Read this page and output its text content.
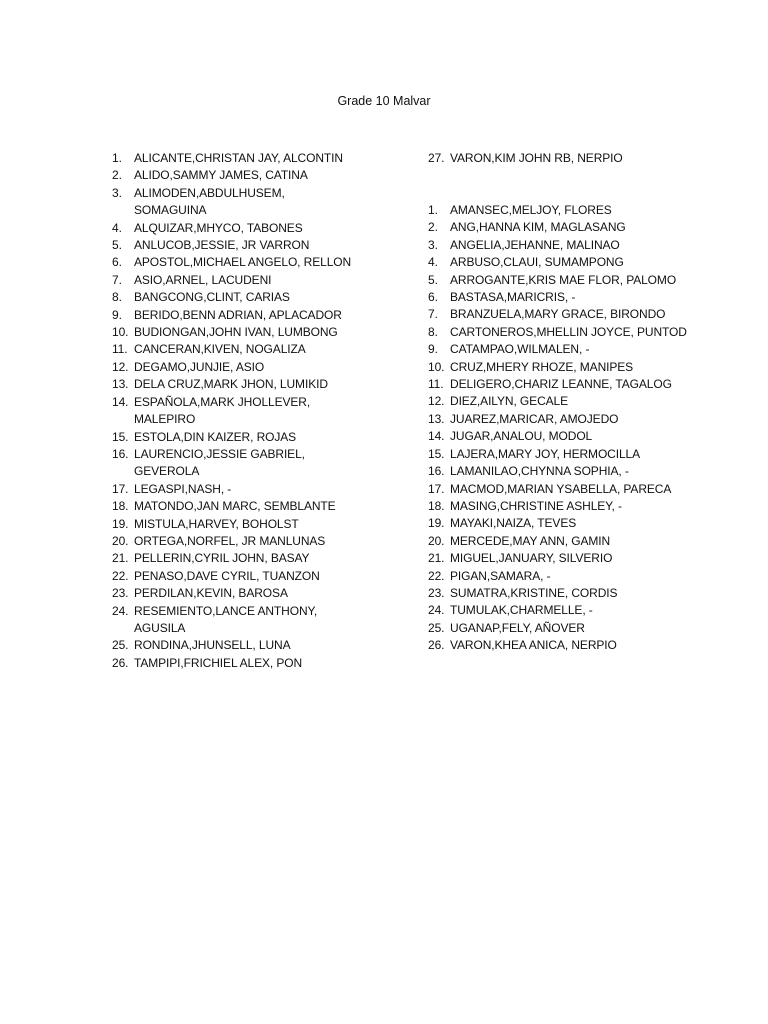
Grade 10 Malvar
1.	ALICANTE,CHRISTAN JAY, ALCONTIN
2.	ALIDO,SAMMY JAMES, CATINA
3.	ALIMODEN,ABDULHUSEM,
SOMAGUINA
4.	ALQUIZAR,MHYCO, TABONES
5.	ANLUCOB,JESSIE, JR VARRON
6.	APOSTOL,MICHAEL ANGELO, RELLON
7.	ASIO,ARNEL, LACUDENI
8.	BANGCONG,CLINT, CARIAS
9.	BERIDO,BENN ADRIAN, APLACADOR
10. BUDIONGAN,JOHN IVAN, LUMBONG
11. CANCERAN,KIVEN, NOGALIZA
12. DEGAMO,JUNJIE, ASIO
13. DELA CRUZ,MARK JHON, LUMIKID
14. ESPAÑOLA,MARK JHOLLEVER,
MALEPIRO
15. ESTOLA,DIN KAIZER, ROJAS
16. LAURENCIO,JESSIE GABRIEL, GEVEROLA
17. LEGASPI,NASH, -
18. MATONDO,JAN MARC, SEMBLANTE
19. MISTULA,HARVEY, BOHOLST
20. ORTEGA,NORFEL, JR MANLUNAS
21. PELLERIN,CYRIL JOHN, BASAY
22. PENASO,DAVE CYRIL, TUANZON
23. PERDILAN,KEVIN, BAROSA
24. RESEMIENTO,LANCE ANTHONY,
AGUSILA
25. RONDINA,JHUNSELL, LUNA
26. TAMPIPI,FRICHIEL ALEX, PON
27. VARON,KIM JOHN RB, NERPIO
1.	AMANSEC,MELJOY, FLORES
2.	ANG,HANNA KIM, MAGLASANG
3.	ANGELIA,JEHANNE, MALINAO
4.	ARBUSO,CLAUI, SUMAMPONG
5.	ARROGANTE,KRIS MAE FLOR, PALOMO
6.	BASTASA,MARICRIS, -
7.	BRANZUELA,MARY GRACE, BIRONDO
8.	CARTONEROS,MHELLIN JOYCE, PUNTOD
9.	CATAMPAO,WILMALEN, -
10. CRUZ,MHERY RHOZE, MANIPES
11. DELIGERO,CHARIZ LEANNE, TAGALOG
12. DIEZ,AILYN, GECALE
13. JUAREZ,MARICAR, AMOJEDO
14. JUGAR,ANALOU, MODOL
15. LAJERA,MARY JOY, HERMOCILLA
16. LAMANILAO,CHYNNA SOPHIA, -
17. MACMOD,MARIAN YSABELLA, PARECA
18. MASING,CHRISTINE ASHLEY, -
19. MAYAKI,NAIZA, TEVES
20. MERCEDE,MAY ANN, GAMIN
21. MIGUEL,JANUARY, SILVERIO
22. PIGAN,SAMARA, -
23. SUMATRA,KRISTINE, CORDIS
24. TUMULAK,CHARMELLE, -
25. UGANAP,FELY, AÑOVER
26. VARON,KHEA ANICA, NERPIO
